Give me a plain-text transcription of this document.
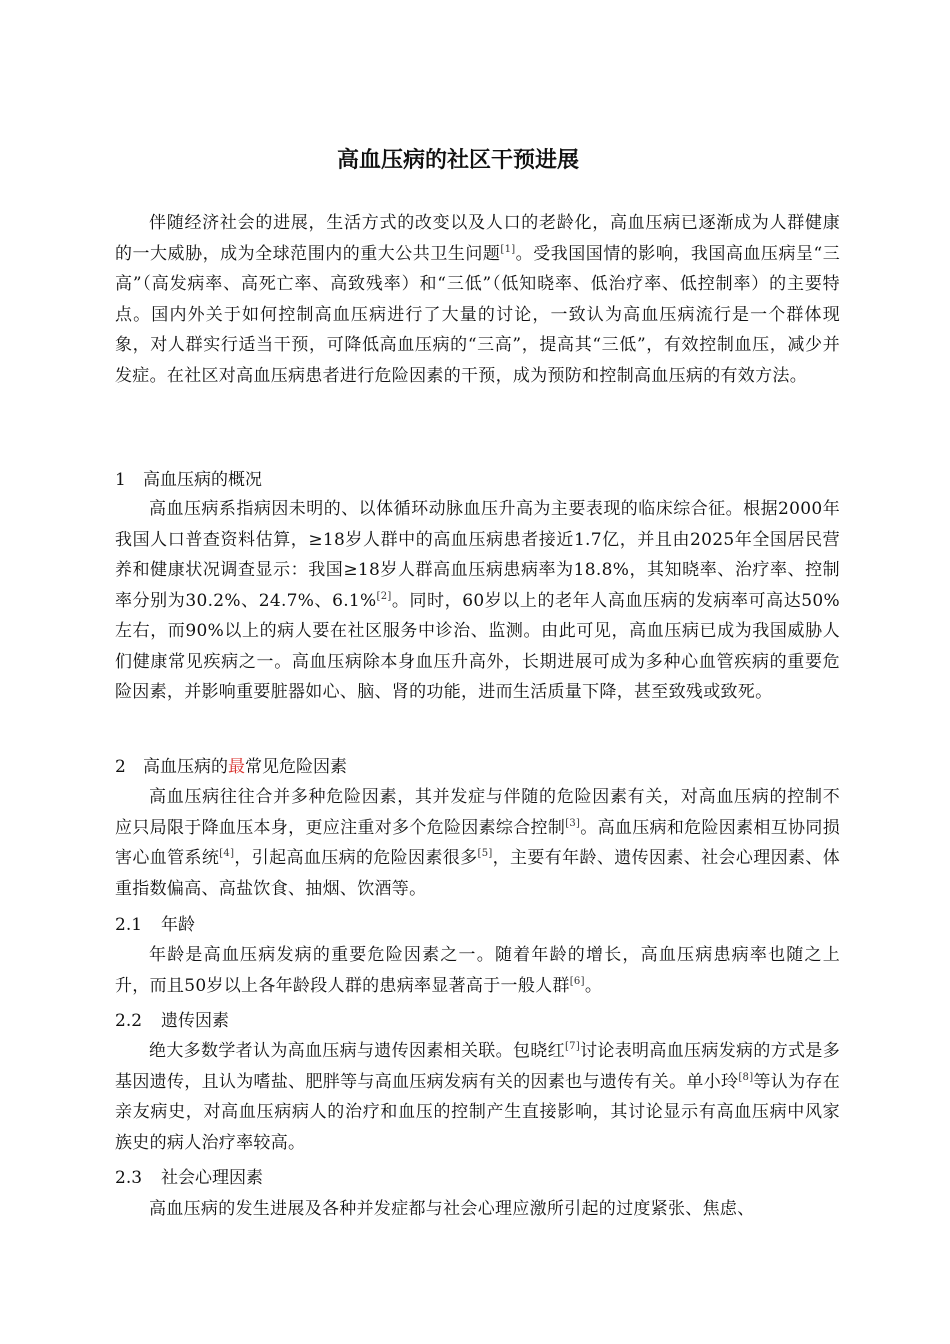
高血压病的社区干预进展

伴随经济社会的进展，生活方式的改变以及人口的老龄化，高血压病已逐渐成为人群健康的一大威胁，成为全球范围内的重大公共卫生问题[1]。受我国国情的影响，我国高血压病呈“三高”（高发病率、高死亡率、高致残率）和“三低”（低知晓率、低治疗率、低控制率）的主要特点。国内外关于如何控制高血压病进行了大量的讨论，一致认为高血压病流行是一个群体现象，对人群实行适当干预，可降低高血压病的“三高”，提高其“三低”，有效控制血压，减少并发症。在社区对高血压病患者进行危险因素的干预，成为预防和控制高血压病的有效方法。

1 高血压病的概况

高血压病系指病因未明的、以体循环动脉血压升高为主要表现的临床综合征。根据2000年我国人口普查资料估算，≥18岁人群中的高血压病患者接近1.7亿，并且由2025年全国居民营养和健康状况调查显示：我国≥18岁人群高血压病患病率为18.8%，其知晓率、治疗率、控制率分别为30.2%、24.7%、6.1%[2]。同时，60岁以上的老年人高血压病的发病率可高达50%左右，而90%以上的病人要在社区服务中诊治、监测。由此可见，高血压病已成为我国威胁人们健康常见疾病之一。高血压病除本身血压升高外，长期进展可成为多种心血管疾病的重要危险因素，并影响重要脏器如心、脑、肾的功能，进而生活质量下降，甚至致残或致死。

2 高血压病的最常见危险因素

高血压病往往合并多种危险因素，其并发症与伴随的危险因素有关，对高血压病的控制不应只局限于降血压本身，更应注重对多个危险因素综合控制[3]。高血压病和危险因素相互协同损害心血管系统[4]，引起高血压病的危险因素很多[5]，主要有年龄、遗传因素、社会心理因素、体重指数偏高、高盐饮食、抽烟、饮酒等。

2.1 年龄

年龄是高血压病发病的重要危险因素之一。随着年龄的增长，高血压病患病率也随之上升，而且50岁以上各年龄段人群的患病率显著高于一般人群[6]。

2.2 遗传因素

绝大多数学者认为高血压病与遗传因素相关联。包晓红[7]讨论表明高血压病发病的方式是多基因遗传，且认为嗜盐、肥胖等与高血压病发病有关的因素也与遗传有关。单小玲[8]等认为存在亲友病史，对高血压病病人的治疗和血压的控制产生直接影响，其讨论显示有高血压病中风家族史的病人治疗率较高。

2.3 社会心理因素

高血压病的发生进展及各种并发症都与社会心理应激所引起的过度紧张、焦虑、
